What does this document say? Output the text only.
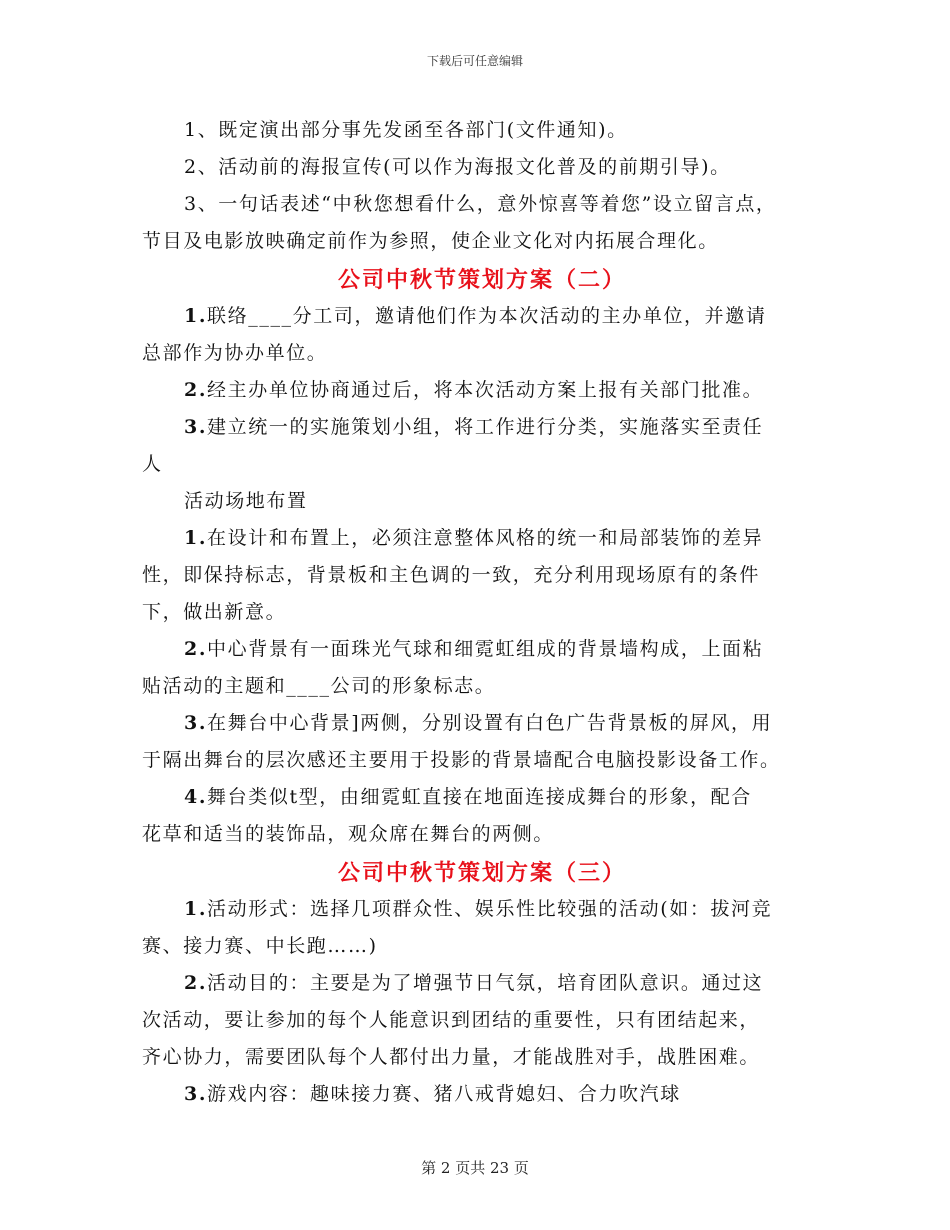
下载后可任意编辑

1、既定演出部分事先发函至各部门(文件通知)。

2、活动前的海报宣传(可以作为海报文化普及的前期引导)。

3、一句话表述“中秋您想看什么，意外惊喜等着您”设立留言点，

节目及电影放映确定前作为参照，使企业文化对内拓展合理化。

公司中秋节策划方案（二）

1.联络____分工司，邀请他们作为本次活动的主办单位，并邀请

总部作为协办单位。

2.经主办单位协商通过后，将本次活动方案上报有关部门批准。

3.建立统一的实施策划小组，将工作进行分类，实施落实至责任

人

活动场地布置

1.在设计和布置上，必须注意整体风格的统一和局部装饰的差异

性，即保持标志，背景板和主色调的一致，充分利用现场原有的条件

下，做出新意。

2.中心背景有一面珠光气球和细霓虹组成的背景墙构成，上面粘

贴活动的主题和____公司的形象标志。

3.在舞台中心背景]两侧，分别设置有白色广告背景板的屏风，用

于隔出舞台的层次感还主要用于投影的背景墙配合电脑投影设备工作。

4.舞台类似t型，由细霓虹直接在地面连接成舞台的形象，配合

花草和适当的装饰品，观众席在舞台的两侧。

公司中秋节策划方案（三）

1.活动形式：选择几项群众性、娱乐性比较强的活动(如：拔河竞

赛、接力赛、中长跑……)

2.活动目的：主要是为了增强节日气氛，培育团队意识。通过这

次活动，要让参加的每个人能意识到团结的重要性，只有团结起来，

齐心协力，需要团队每个人都付出力量，才能战胜对手，战胜困难。

3.游戏内容：趣味接力赛、猪八戒背媳妇、合力吹汽球

第 2 页共 23 页
